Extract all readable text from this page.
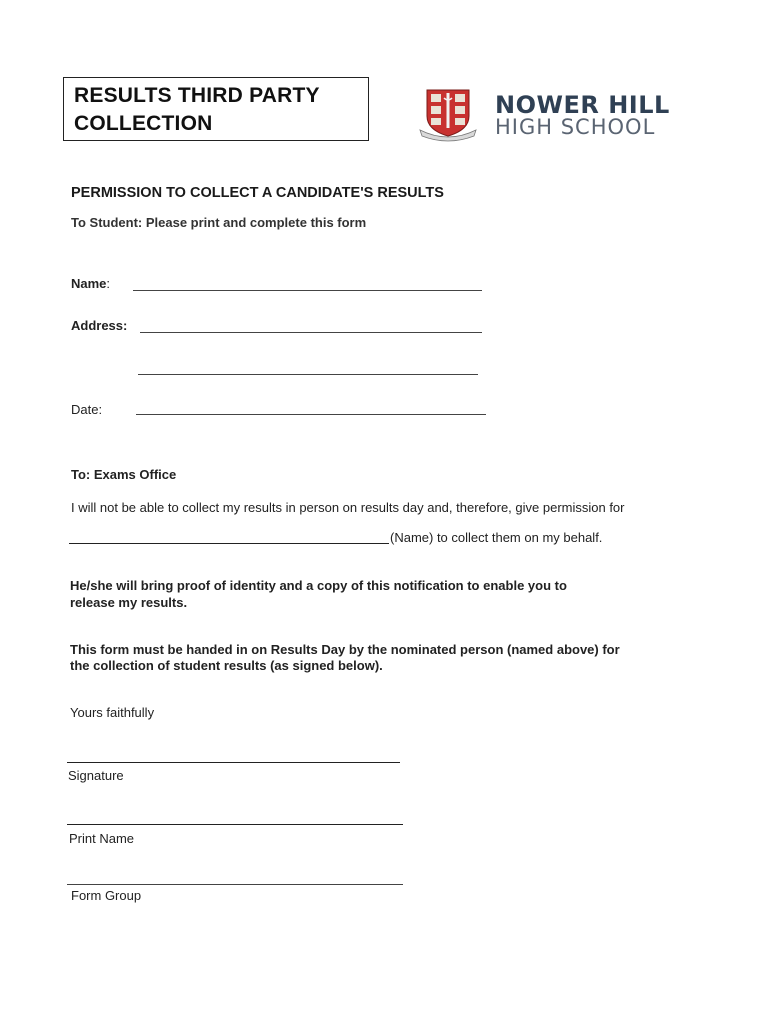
RESULTS THIRD PARTY
COLLECTION
NOWER HILL
HIGH SCHOOL
PERMISSION TO COLLECT A CANDIDATE'S RESULTS
To Student: Please print and complete this form
Name:
Address:
Date:
To: Exams Office
I will not be able to collect my results in person on results day and, therefore, give permission for
(Name) to collect them on my behalf.
He/she will bring proof of identity and a copy of this notification to enable you to
release my results.
This form must be handed in on Results Day by the nominated person (named above) for
the collection of student results (as signed below).
Yours faithfully
Signature
Print Name
Form Group
